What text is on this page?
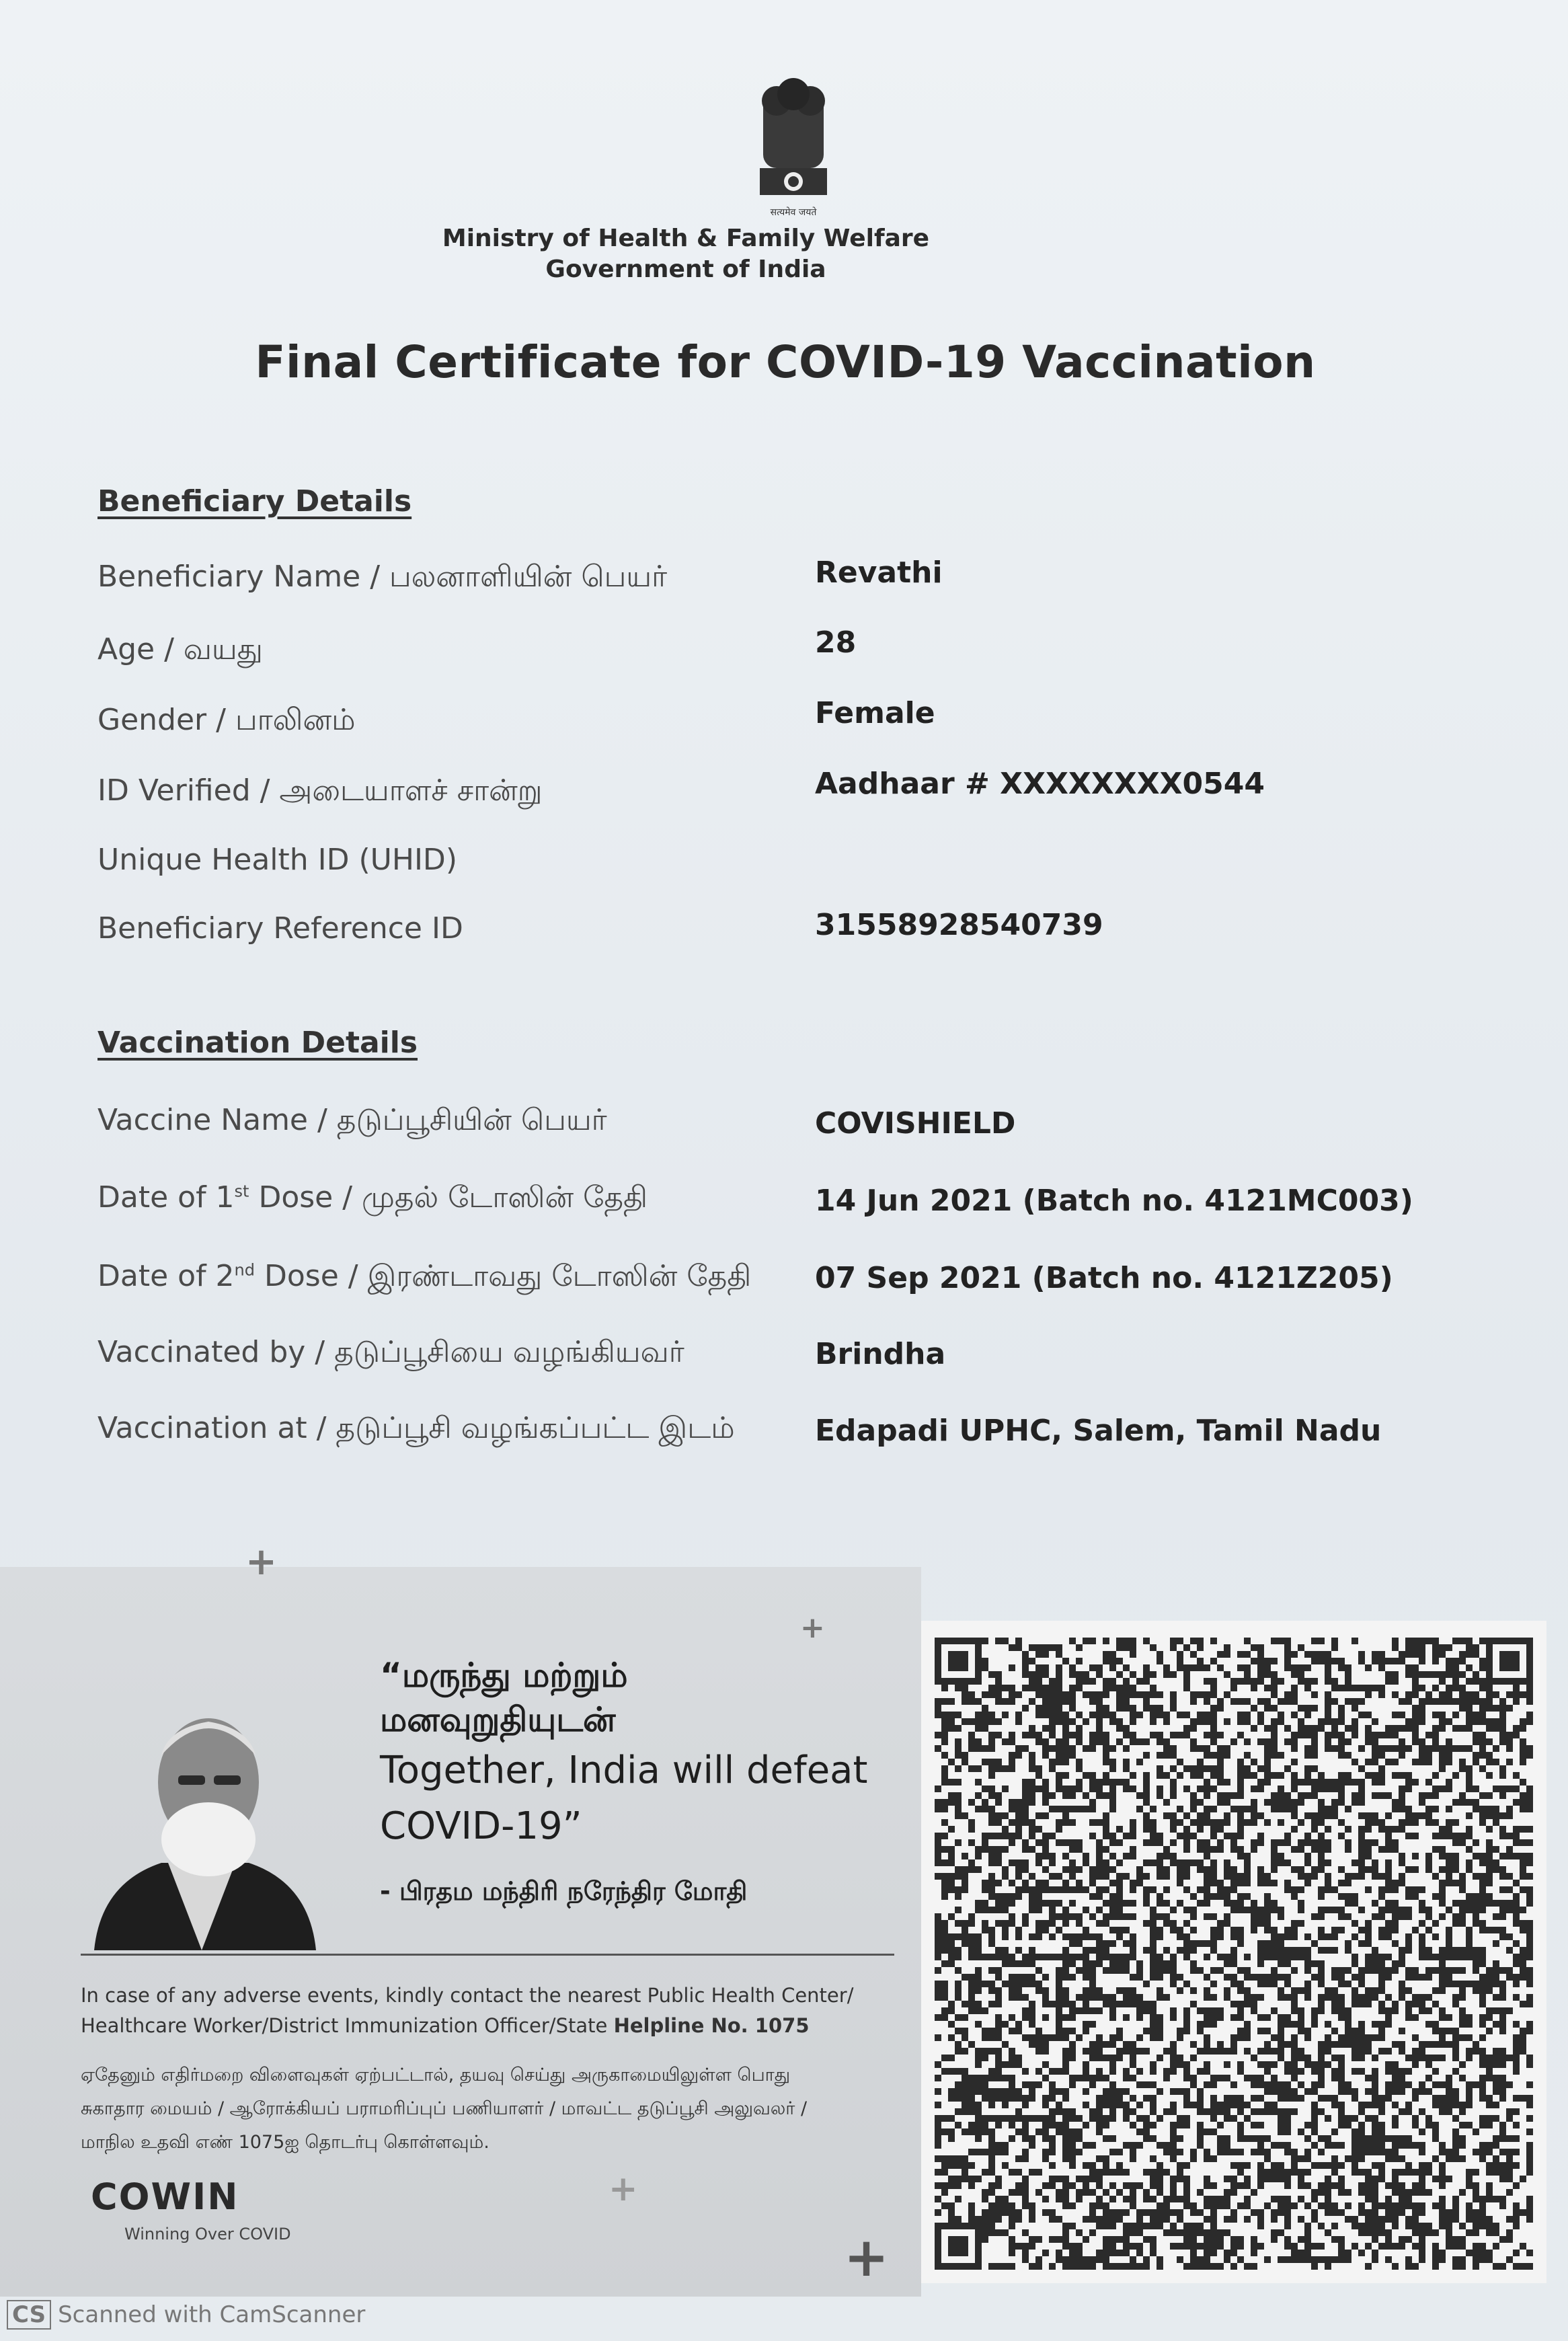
सत्यमेव जयते
Ministry of Health & Family Welfare
Government of India
Final Certificate for COVID-19 Vaccination
Beneficiary Details
Beneficiary Name / பலனாளியின் பெயர்	Revathi
Age / வயது	28
Gender / பாலினம்	Female
ID Verified / அடையாளச் சான்று	Aadhaar # XXXXXXXX0544
Unique Health ID (UHID)
Beneficiary Reference ID	31558928540739
Vaccination Details
Vaccine Name / தடுப்பூசியின் பெயர்	COVISHIELD
Date of 1st Dose / முதல் டோஸின் தேதி	14 Jun 2021 (Batch no. 4121MC003)
Date of 2nd Dose / இரண்டாவது டோஸின் தேதி 07 Sep 2021 (Batch no. 4121Z205)
Vaccinated by / தடுப்பூசியை வழங்கியவர்	Brindha
Vaccination at / தடுப்பூசி வழங்கப்பட்ட இடம்	Edapadi UPHC, Salem, Tamil Nadu
+
+
“மருந்து மற்றும்
மனவுறுதியுடன்
Together, India will defeat
COVID-19”
- பிரதம மந்திரி நரேந்திர மோதி
In case of any adverse events, kindly contact the nearest Public Health Center/
Healthcare Worker/District Immunization Officer/State Helpline No. 1075
ஏதேனும் எதிர்மறை விளைவுகள் ஏற்பட்டால், தயவு செய்து அருகாமையிலுள்ள பொது
சுகாதார மையம் / ஆரோக்கியப் பராமரிப்புப் பணியாளர் / மாவட்ட தடுப்பூசி அலுவலர் /
மாநில உதவி எண் 1075ஐ தொடர்பு கொள்ளவும்.
COWIN
Winning Over COVID
+
+
CS Scanned with CamScanner
